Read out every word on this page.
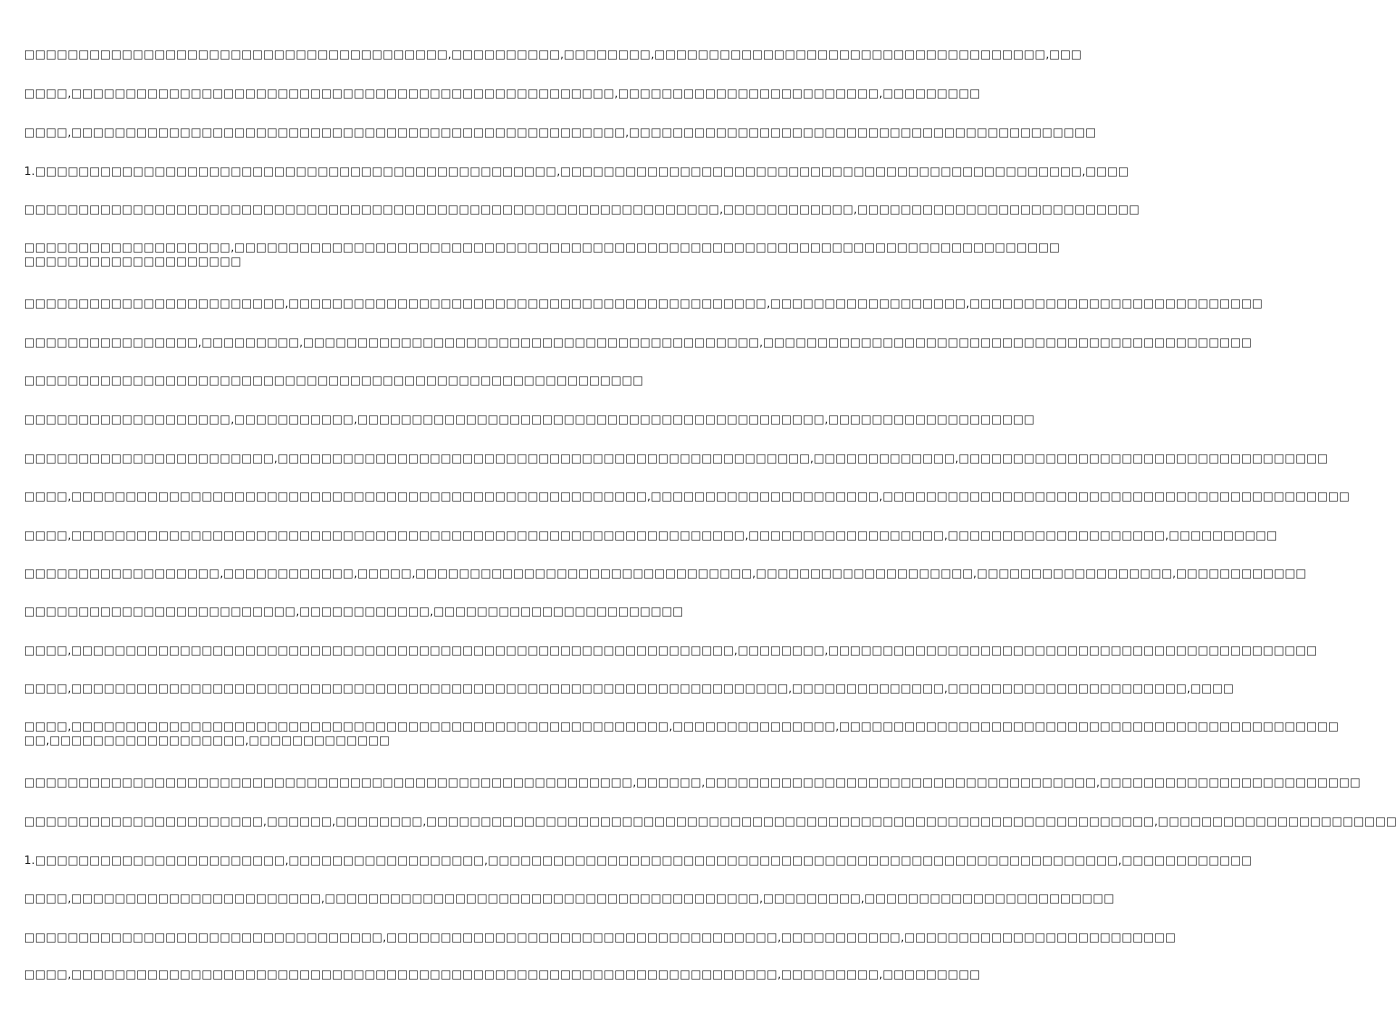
□□□□□□□□□□□□□□□□□□□□□□□□□□□□□□□□□□□□□□□,□□□□□□□□□□,□□□□□□□□,□□□□□□□□□□□□□□□□□□□□□□□□□□□□□□□□□□□□,□□□
□□□□,□□□□□□□□□□□□□□□□□□□□□□□□□□□□□□□□□□□□□□□□□□□□□□□□□□,□□□□□□□□□□□□□□□□□□□□□□□□,□□□□□□□□□
□□□□,□□□□□□□□□□□□□□□□□□□□□□□□□□□□□□□□□□□□□□□□□□□□□□□□□□□,□□□□□□□□□□□□□□□□□□□□□□□□□□□□□□□□□□□□□□□□□□□
1.□□□□□□□□□□□□□□□□□□□□□□□□□□□□□□□□□□□□□□□□□□□□□□□□,□□□□□□□□□□□□□□□□□□□□□□□□□□□□□□□□□□□□□□□□□□□□□□□□,□□□□
□□□□□□□□□□□□□□□□□□□□□□□□□□□□□□□□□□□□□□□□□□□□□□□□□□□□□□□□□□□□□□□□,□□□□□□□□□□□□,□□□□□□□□□□□□□□□□□□□□□□□□□□
□□□□□□□□□□□□□□□□□□□,□□□□□□□□□□□□□□□□□□□□□□□□□□□□□□□□□□□□□□□□□□□□□□□□□□□□□□□□□□□□□□□□□□□□□□□□□□□□ □□□□□□□□□□□□□□□□□□□□
□□□□□□□□□□□□□□□□□□□□□□□□,□□□□□□□□□□□□□□□□□□□□□□□□□□□□□□□□□□□□□□□□□□□□,□□□□□□□□□□□□□□□□□□,□□□□□□□□□□□□□□□□□□□□□□□□□□□
□□□□□□□□□□□□□□□□,□□□□□□□□□,□□□□□□□□□□□□□□□□□□□□□□□□□□□□□□□□□□□□□□□□□□,□□□□□□□□□□□□□□□□□□□□□□□□□□□□□□□□□□□□□□□□□□□□□
□□□□□□□□□□□□□□□□□□□□□□□□□□□□□□□□□□□□□□□□□□□□□□□□□□□□□□□□□
□□□□□□□□□□□□□□□□□□□,□□□□□□□□□□□,□□□□□□□□□□□□□□□□□□□□□□□□□□□□□□□□□□□□□□□□□□□,□□□□□□□□□□□□□□□□□□□
□□□□□□□□□□□□□□□□□□□□□□□,□□□□□□□□□□□□□□□□□□□□□□□□□□□□□□□□□□□□□□□□□□□□□□□□□,□□□□□□□□□□□□□,□□□□□□□□□□□□□□□□□□□□□□□□□□□□□□□□□□
□□□□,□□□□□□□□□□□□□□□□□□□□□□□□□□□□□□□□□□□□□□□□□□□□□□□□□□□□□,□□□□□□□□□□□□□□□□□□□□□,□□□□□□□□□□□□□□□□□□□□□□□□□□□□□□□□□□□□□□□□□□□
□□□□,□□□□□□□□□□□□□□□□□□□□□□□□□□□□□□□□□□□□□□□□□□□□□□□□□□□□□□□□□□□□□□,□□□□□□□□□□□□□□□□□□,□□□□□□□□□□□□□□□□□□□□,□□□□□□□□□□
□□□□□□□□□□□□□□□□□□,□□□□□□□□□□□□,□□□□□,□□□□□□□□□□□□□□□□□□□□□□□□□□□□□□□,□□□□□□□□□□□□□□□□□□□□,□□□□□□□□□□□□□□□□□□,□□□□□□□□□□□□
□□□□□□□□□□□□□□□□□□□□□□□□□,□□□□□□□□□□□□,□□□□□□□□□□□□□□□□□□□□□□□
□□□□,□□□□□□□□□□□□□□□□□□□□□□□□□□□□□□□□□□□□□□□□□□□□□□□□□□□□□□□□□□□□□,□□□□□□□□,□□□□□□□□□□□□□□□□□□□□□□□□□□□□□□□□□□□□□□□□□□□□□
□□□□,□□□□□□□□□□□□□□□□□□□□□□□□□□□□□□□□□□□□□□□□□□□□□□□□□□□□□□□□□□□□□□□□□□,□□□□□□□□□□□□□□,□□□□□□□□□□□□□□□□□□□□□□,□□□□
□□□□,□□□□□□□□□□□□□□□□□□□□□□□□□□□□□□□□□□□□□□□□□□□□□□□□□□□□□□□,□□□□□□□□□□□□□□□,□□□□□□□□□□□□□□□□□□□□□□□□□□□□□□□□□□□□□□□□□□□□□□ □□,□□□□□□□□□□□□□□□□□□,□□□□□□□□□□□□□
□□□□□□□□□□□□□□□□□□□□□□□□□□□□□□□□□□□□□□□□□□□□□□□□□□□□□□□□,□□□□□□,□□□□□□□□□□□□□□□□□□□□□□□□□□□□□□□□□□□□,□□□□□□□□□□□□□□□□□□□□□□□□
□□□□□□□□□□□□□□□□□□□□□□,□□□□□□,□□□□□□□□,□□□□□□□□□□□□□□□□□□□□□□□□□□□□□□□□□□□□□□□□□□□□□□□□□□□□□□□□□□□□□□□□□□□,□□□□□□□□□□□□□□□□□□□□□□
1.□□□□□□□□□□□□□□□□□□□□□□□,□□□□□□□□□□□□□□□□□□,□□□□□□□□□□□□□□□□□□□□□□□□□□□□□□□□□□□□□□□□□□□□□□□□□□□□□□□□□□,□□□□□□□□□□□□
□□□□,□□□□□□□□□□□□□□□□□□□□□□□,□□□□□□□□□□□□□□□□□□□□□□□□□□□□□□□□□□□□□□□□,□□□□□□□□□,□□□□□□□□□□□□□□□□□□□□□□□
□□□□□□□□□□□□□□□□□□□□□□□□□□□□□□□□□,□□□□□□□□□□□□□□□□□□□□□□□□□□□□□□□□□□□□,□□□□□□□□□□□,□□□□□□□□□□□□□□□□□□□□□□□□□
□□□□,□□□□□□□□□□□□□□□□□□□□□□□□□□□□□□□□□□□□□□□□□□□□□□□□□□□□□□□□□□□□□□□□□,□□□□□□□□□,□□□□□□□□□
